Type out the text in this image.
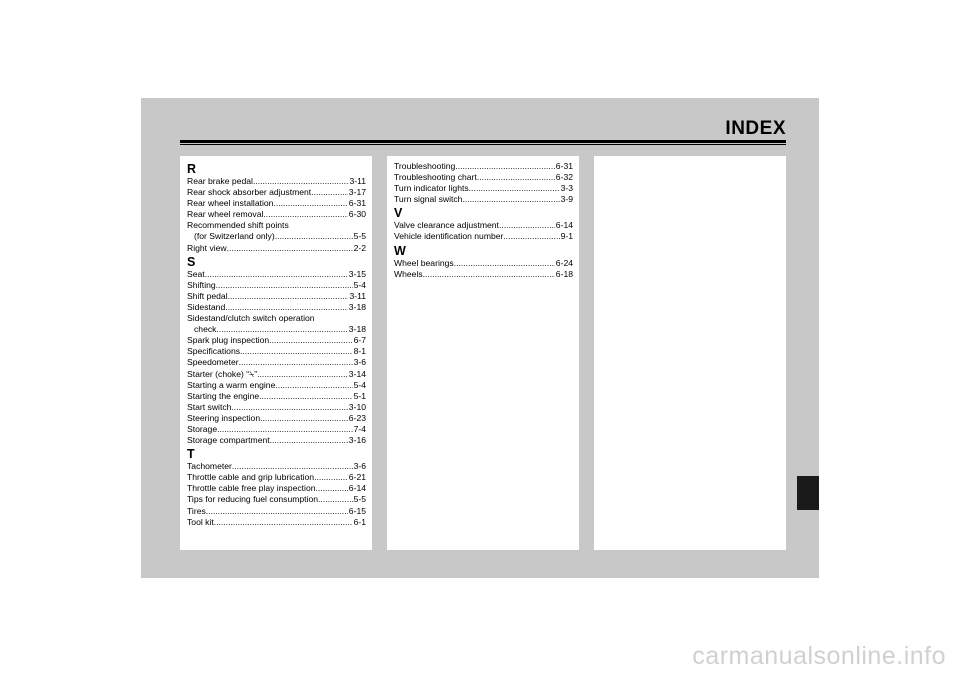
INDEX
R
Rear brake pedal .....	3-11
Rear shock absorber adjustment .....	3-17
Rear wheel installation .....	6-31
Rear wheel removal .....	6-30
Recommended shift points
(for Switzerland only) .....	5-5
Right view .....	2-2
S
Seat .....	3-15
Shifting .....	5-4
Shift pedal .....	3-11
Sidestand .....	3-18
Sidestand/clutch switch operation
check .....	3-18
Spark plug inspection .....	6-7
Specifications .....	8-1
Speedometer .....	3-6
Starter (choke) “⍀” .....	3-14
Starting a warm engine .....	5-4
Starting the engine .....	5-1
Start switch .....	3-10
Steering inspection .....	6-23
Storage .....	7-4
Storage compartment .....	3-16
T
Tachometer .....	3-6
Throttle cable and grip lubrication .....	6-21
Throttle cable free play inspection .....	6-14
Tips for reducing fuel consumption .....	5-5
Tires .....	6-15
Tool kit .....	6-1
Troubleshooting .....	6-31
Troubleshooting chart .....	6-32
Turn indicator lights .....	3-3
Turn signal switch .....	3-9
V
Valve clearance adjustment .....	6-14
Vehicle identification number .....	9-1
W
Wheel bearings .....	6-24
Wheels .....	6-18
carmanualsonline.info
